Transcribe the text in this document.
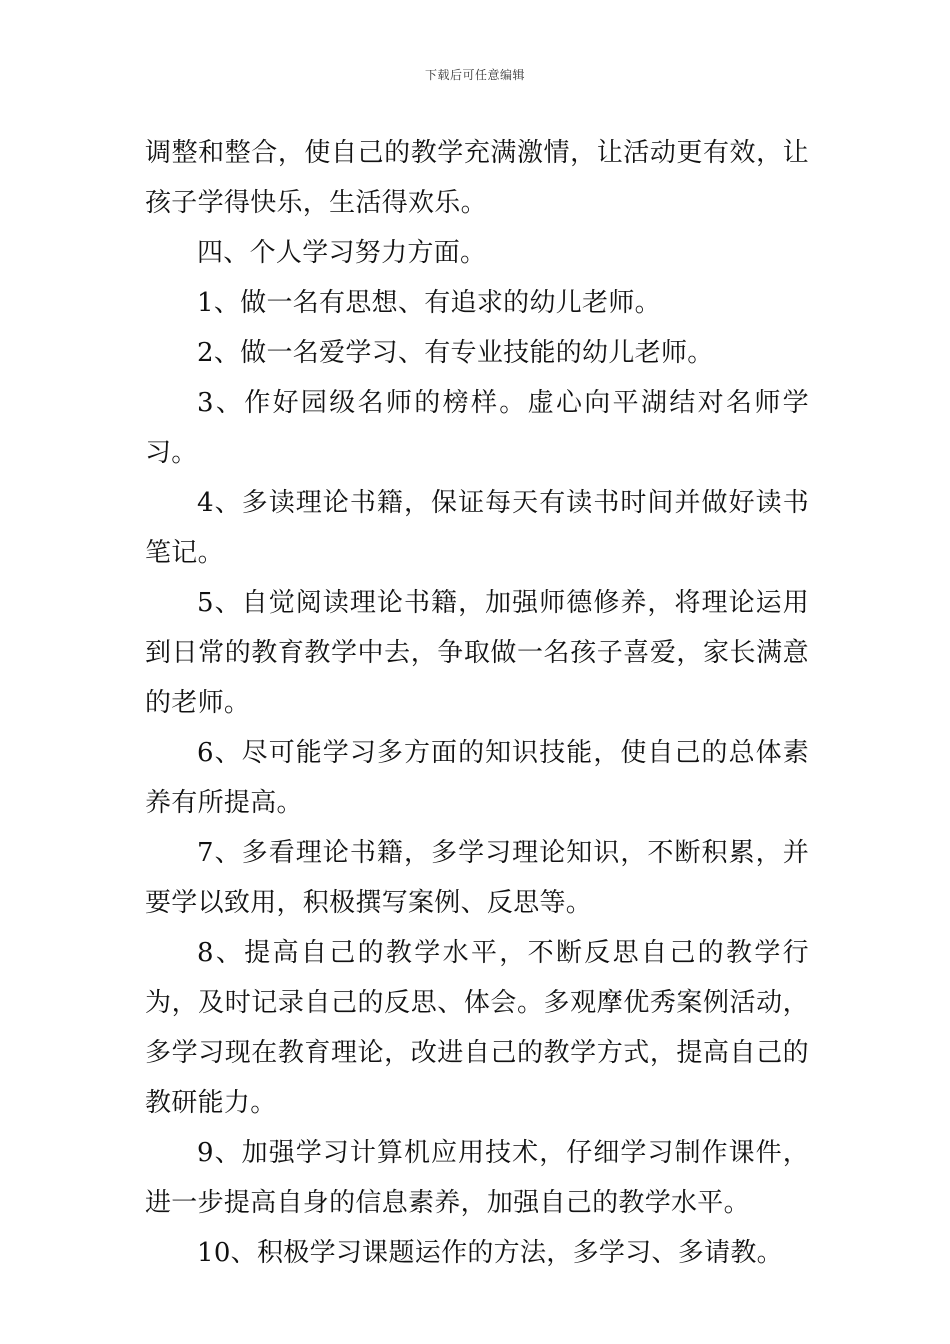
下载后可任意编辑

调整和整合，使自己的教学充满激情，让活动更有效，让孩子学得快乐，生活得欢乐。

四、个人学习努力方面。

1、做一名有思想、有追求的幼儿老师。

2、做一名爱学习、有专业技能的幼儿老师。

3、作好园级名师的榜样。虚心向平湖结对名师学习。

4、多读理论书籍，保证每天有读书时间并做好读书笔记。

5、自觉阅读理论书籍，加强师德修养，将理论运用到日常的教育教学中去，争取做一名孩子喜爱，家长满意的老师。

6、尽可能学习多方面的知识技能，使自己的总体素养有所提高。

7、多看理论书籍，多学习理论知识，不断积累，并要学以致用，积极撰写案例、反思等。

8、提高自己的教学水平，不断反思自己的教学行为，及时记录自己的反思、体会。多观摩优秀案例活动，多学习现在教育理论，改进自己的教学方式，提高自己的教研能力。

9、加强学习计算机应用技术，仔细学习制作课件，进一步提高自身的信息素养，加强自己的教学水平。

10、积极学习课题运作的方法，多学习、多请教。
